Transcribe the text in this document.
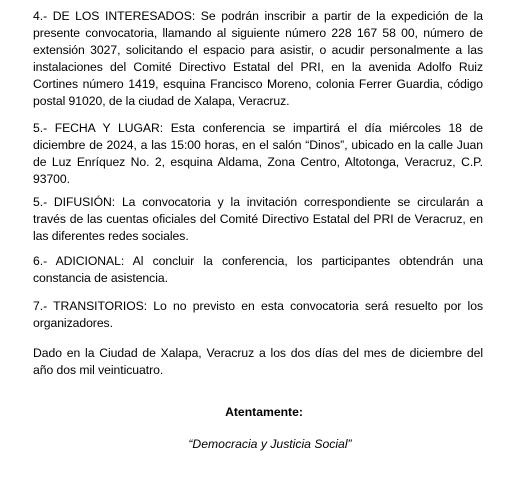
4.- DE LOS INTERESADOS: Se podrán inscribir a partir de la expedición de la presente convocatoria, llamando al siguiente número 228 167 58 00, número de extensión 3027, solicitando el espacio para asistir, o acudir personalmente a las instalaciones del Comité Directivo Estatal del PRI, en la avenida Adolfo Ruiz Cortines número 1419, esquina Francisco Moreno, colonia Ferrer Guardia, código postal 91020, de la ciudad de Xalapa, Veracruz.

5.- FECHA Y LUGAR: Esta conferencia se impartirá el día miércoles 18 de diciembre de 2024, a las 15:00 horas, en el salón “Dinos”, ubicado en la calle Juan de Luz Enríquez No. 2, esquina Aldama, Zona Centro, Altotonga, Veracruz, C.P. 93700.

5.- DIFUSIÓN: La convocatoria y la invitación correspondiente se circularán a través de las cuentas oficiales del Comité Directivo Estatal del PRI de Veracruz, en las diferentes redes sociales.

6.- ADICIONAL: Al concluir la conferencia, los participantes obtendrán una constancia de asistencia.

7.- TRANSITORIOS: Lo no previsto en esta convocatoria será resuelto por los organizadores.

Dado en la Ciudad de Xalapa, Veracruz a los dos días del mes de diciembre del año dos mil veinticuatro.

Atentamente:

“Democracia y Justicia Social”
